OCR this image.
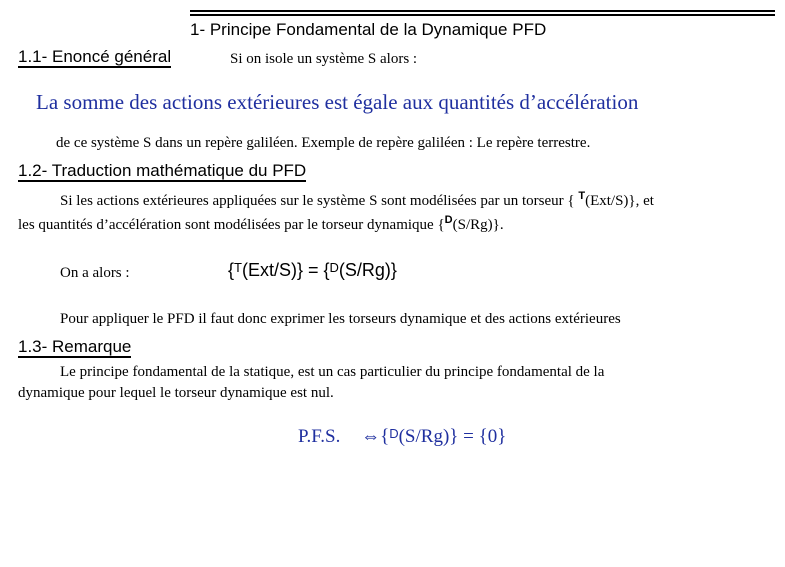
1- Principe Fondamental de la Dynamique PFD
1.1- Enoncé général	Si on isole un système S alors :
La somme des actions extérieures est égale aux quantités d’accélération
de ce système S dans un repère galiléen. Exemple de repère galiléen : Le repère terrestre.
1.2- Traduction mathématique du PFD
Si les actions extérieures appliquées sur le système S sont modélisées par un torseur { $^T$(Ext/S)}, et
les quantités d’accélération sont modélisées par le torseur dynamique {$^D$(S/Rg)}.
On a alors :	{$^T$(Ext/S)} = {$^D$(S/Rg)}
Pour appliquer le PFD il faut donc exprimer les torseurs dynamique et des actions extérieures
1.3- Remarque
Le principe fondamental de la statique, est un cas particulier du principe fondamental de la
dynamique pour lequel le torseur dynamique est nul.
P.F.S. ⇔{$^D$(S/Rg)} = {0}
